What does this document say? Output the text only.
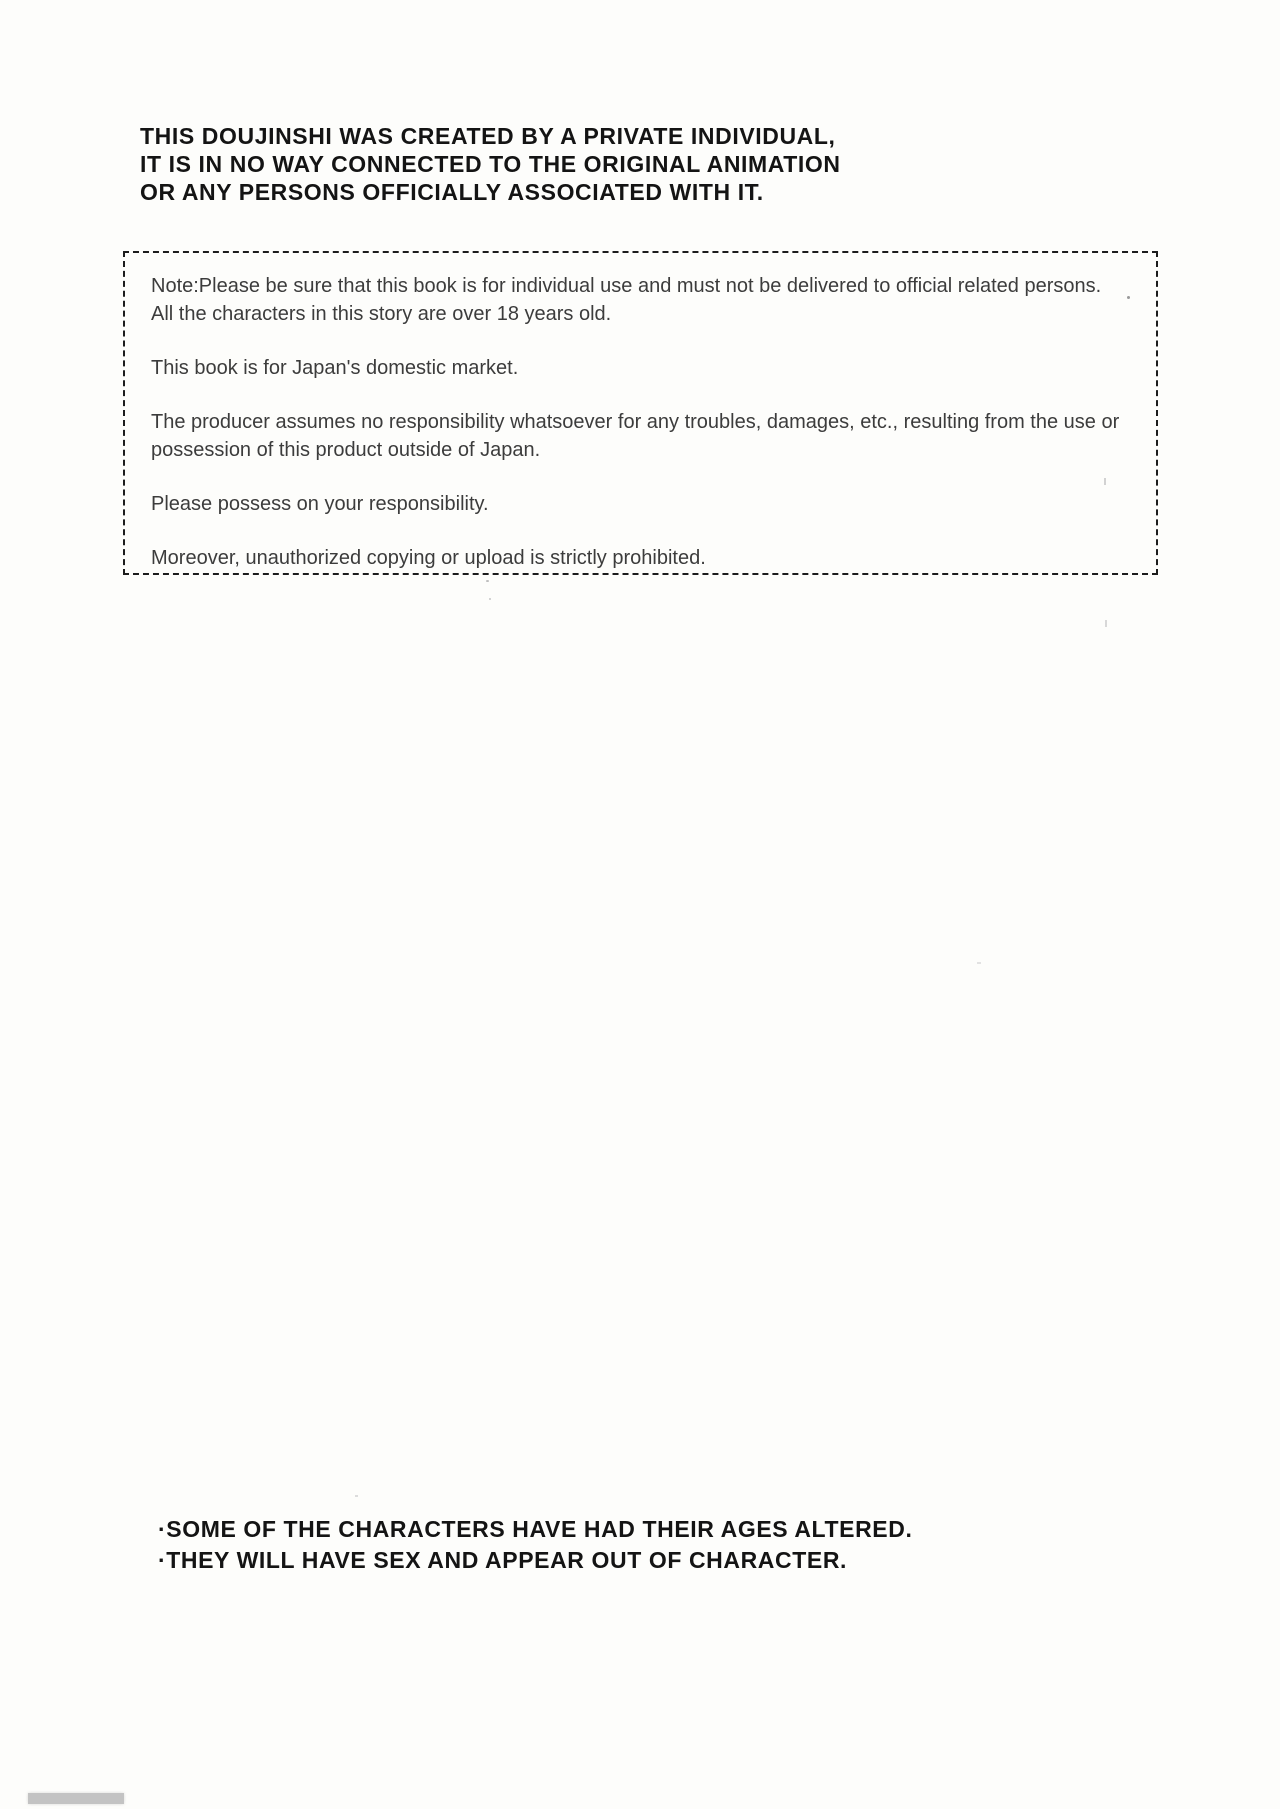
THIS DOUJINSHI WAS CREATED BY A PRIVATE INDIVIDUAL,
IT IS IN NO WAY CONNECTED TO THE ORIGINAL ANIMATION
OR ANY PERSONS OFFICIALLY ASSOCIATED WITH IT.

Note:Please be sure that this book is for individual use and must not be delivered to official related persons.
All the characters in this story are over 18 years old.

This book is for Japan's domestic market.

The producer assumes no responsibility whatsoever for any troubles, damages, etc., resulting from the use or
possession of this product outside of Japan.

Please possess on your responsibility.

Moreover, unauthorized copying or upload is strictly prohibited.

·SOME OF THE CHARACTERS HAVE HAD THEIR AGES ALTERED.
·THEY WILL HAVE SEX AND APPEAR OUT OF CHARACTER.
